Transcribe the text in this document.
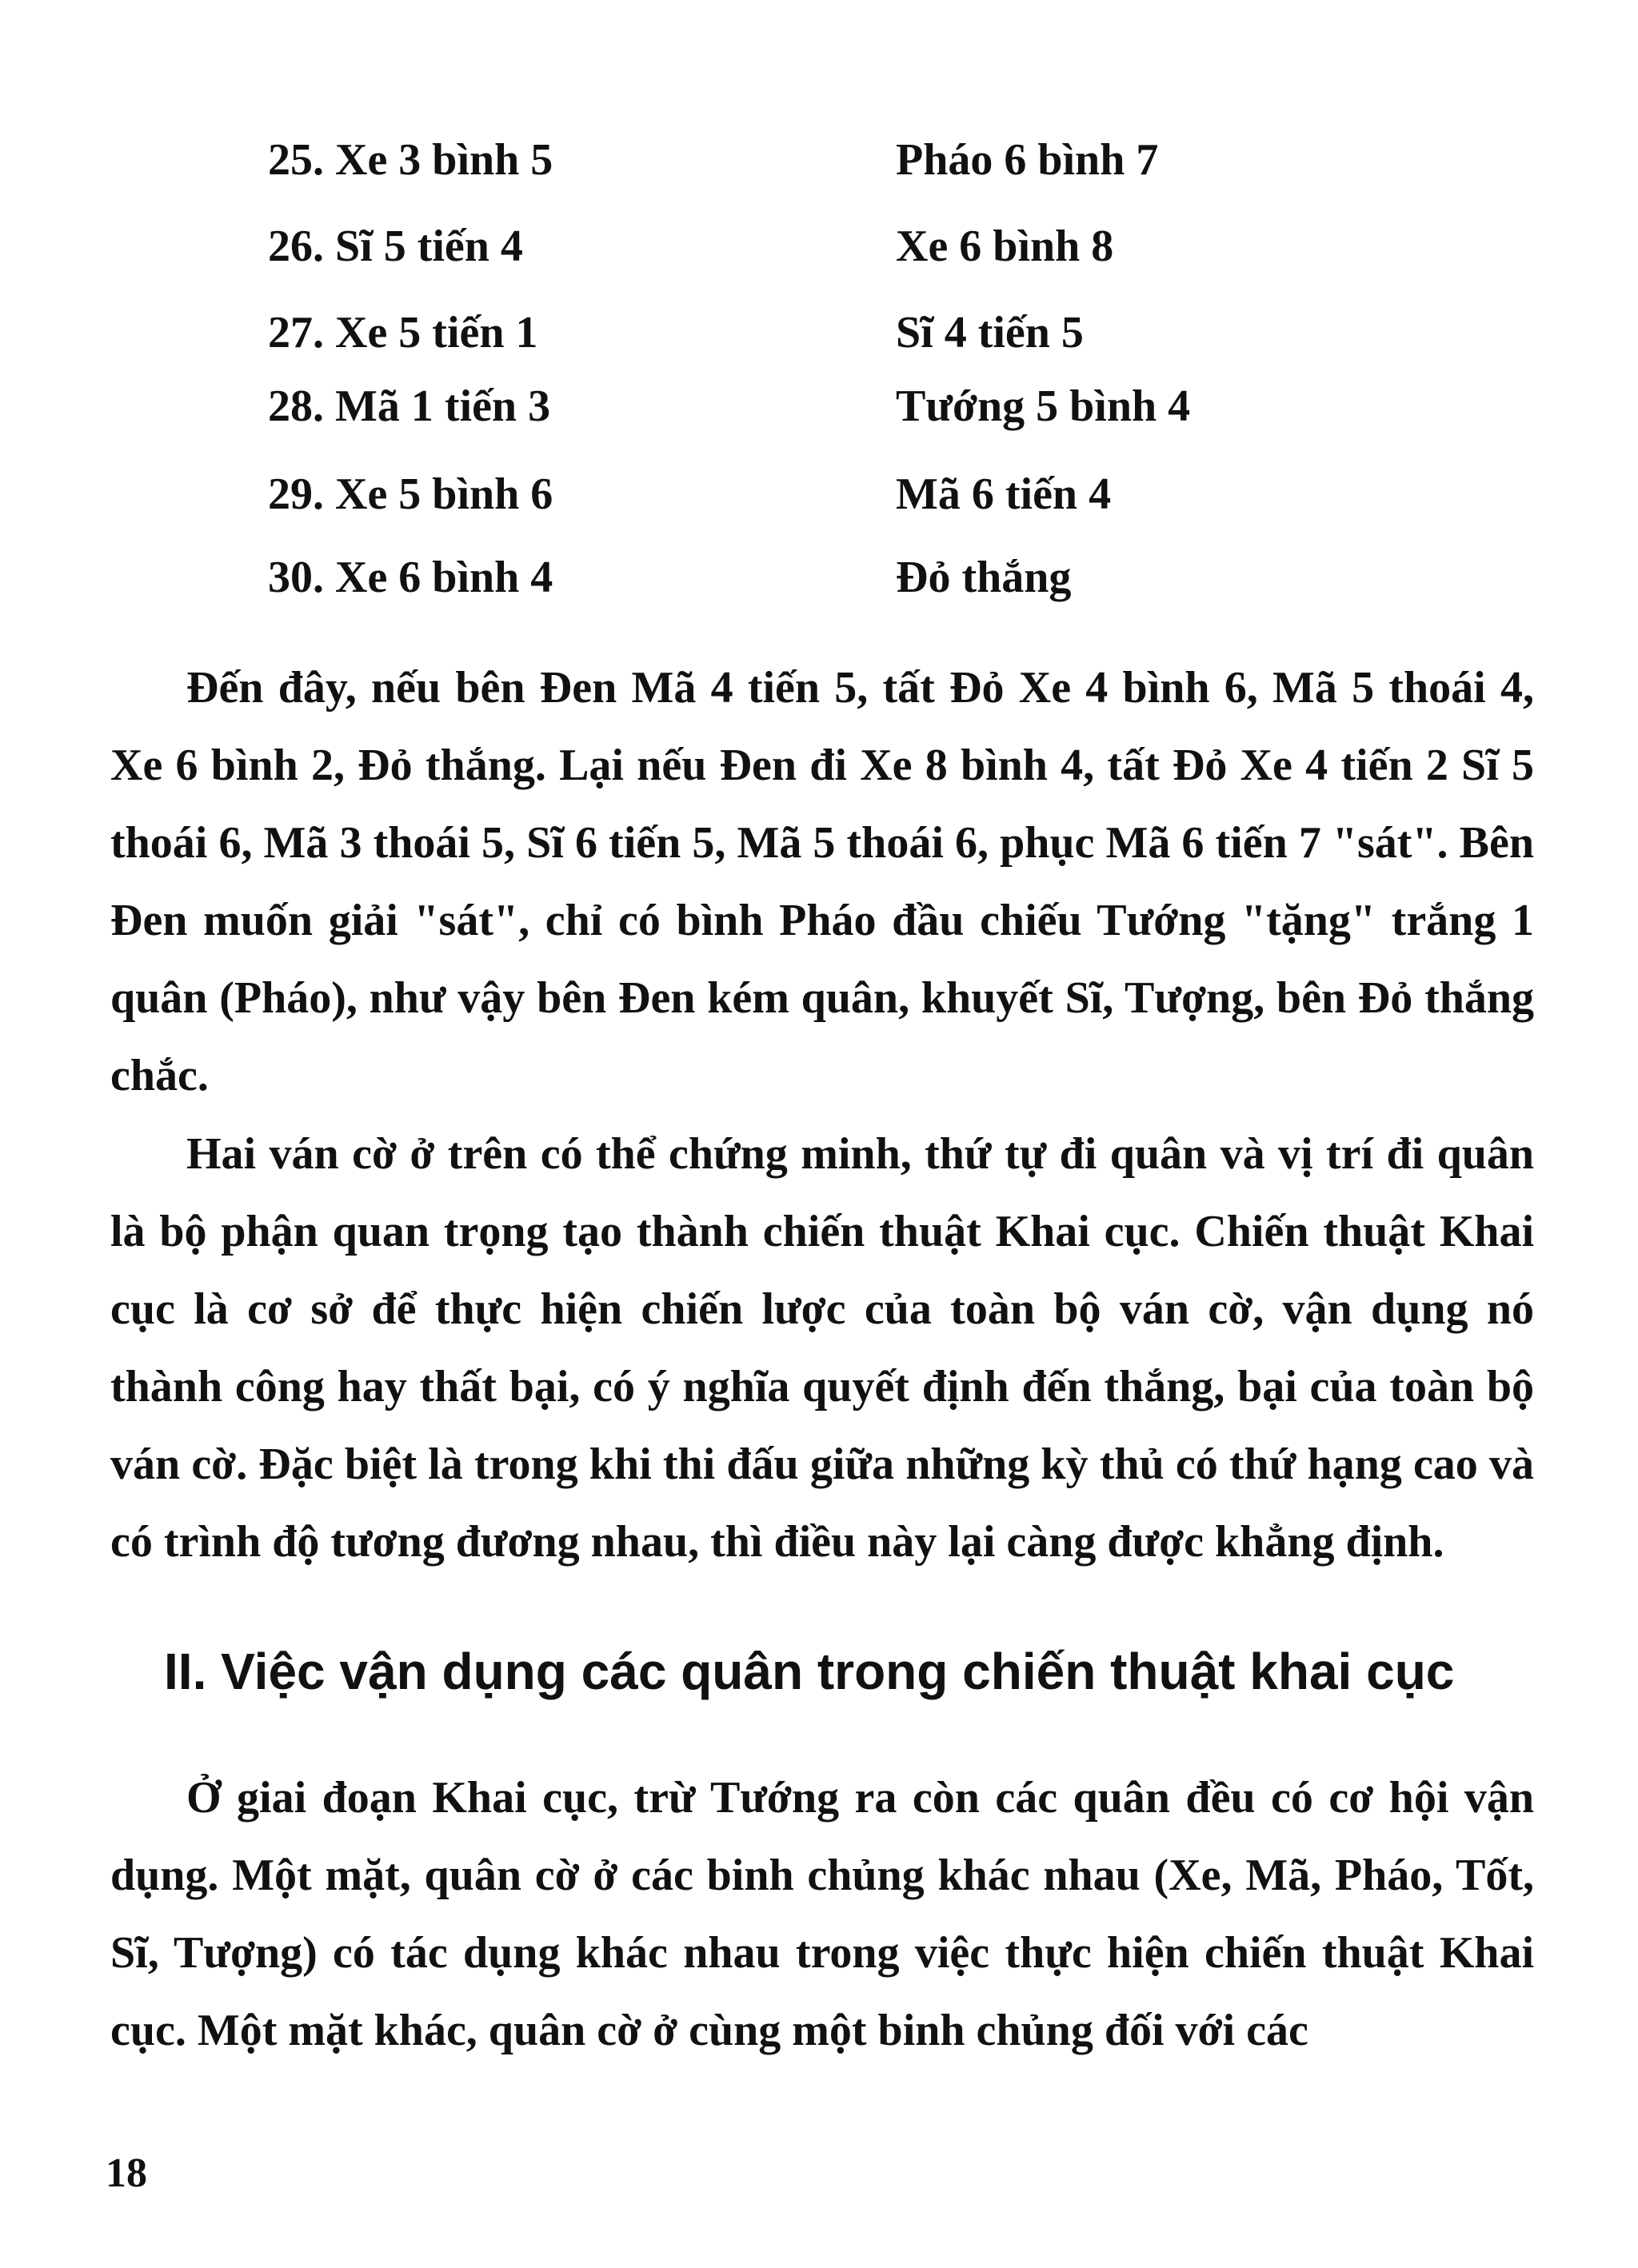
25. Xe 3 bình 5	Pháo 6 bình 7
26. Sĩ 5 tiến 4	Xe 6 bình 8
27. Xe 5 tiến 1	Sĩ 4 tiến 5
28. Mã 1 tiến 3	Tướng 5 bình 4
29. Xe 5 bình 6	Mã 6 tiến 4
30. Xe 6 bình 4	Đỏ thắng

Đến đây, nếu bên Đen Mã 4 tiến 5, tất Đỏ Xe 4 bình 6, Mã 5 thoái 4, Xe 6 bình 2, Đỏ thắng. Lại nếu Đen đi Xe 8 bình 4, tất Đỏ Xe 4 tiến 2 Sĩ 5 thoái 6, Mã 3 thoái 5, Sĩ 6 tiến 5, Mã 5 thoái 6, phục Mã 6 tiến 7 "sát". Bên Đen muốn giải "sát", chỉ có bình Pháo đầu chiếu Tướng "tặng" trắng 1 quân (Pháo), như vậy bên Đen kém quân, khuyết Sĩ, Tượng, bên Đỏ thắng chắc.

Hai ván cờ ở trên có thể chứng minh, thứ tự đi quân và vị trí đi quân là bộ phận quan trọng tạo thành chiến thuật Khai cục. Chiến thuật Khai cục là cơ sở để thực hiện chiến lược của toàn bộ ván cờ, vận dụng nó thành công hay thất bại, có ý nghĩa quyết định đến thắng, bại của toàn bộ ván cờ. Đặc biệt là trong khi thi đấu giữa những kỳ thủ có thứ hạng cao và có trình độ tương đương nhau, thì điều này lại càng được khẳng định.

II. Việc vận dụng các quân trong chiến thuật khai cục

Ở giai đoạn Khai cục, trừ Tướng ra còn các quân đều có cơ hội vận dụng. Một mặt, quân cờ ở các binh chủng khác nhau (Xe, Mã, Pháo, Tốt, Sĩ, Tượng) có tác dụng khác nhau trong việc thực hiện chiến thuật Khai cục. Một mặt khác, quân cờ ở cùng một binh chủng đối với các

18
